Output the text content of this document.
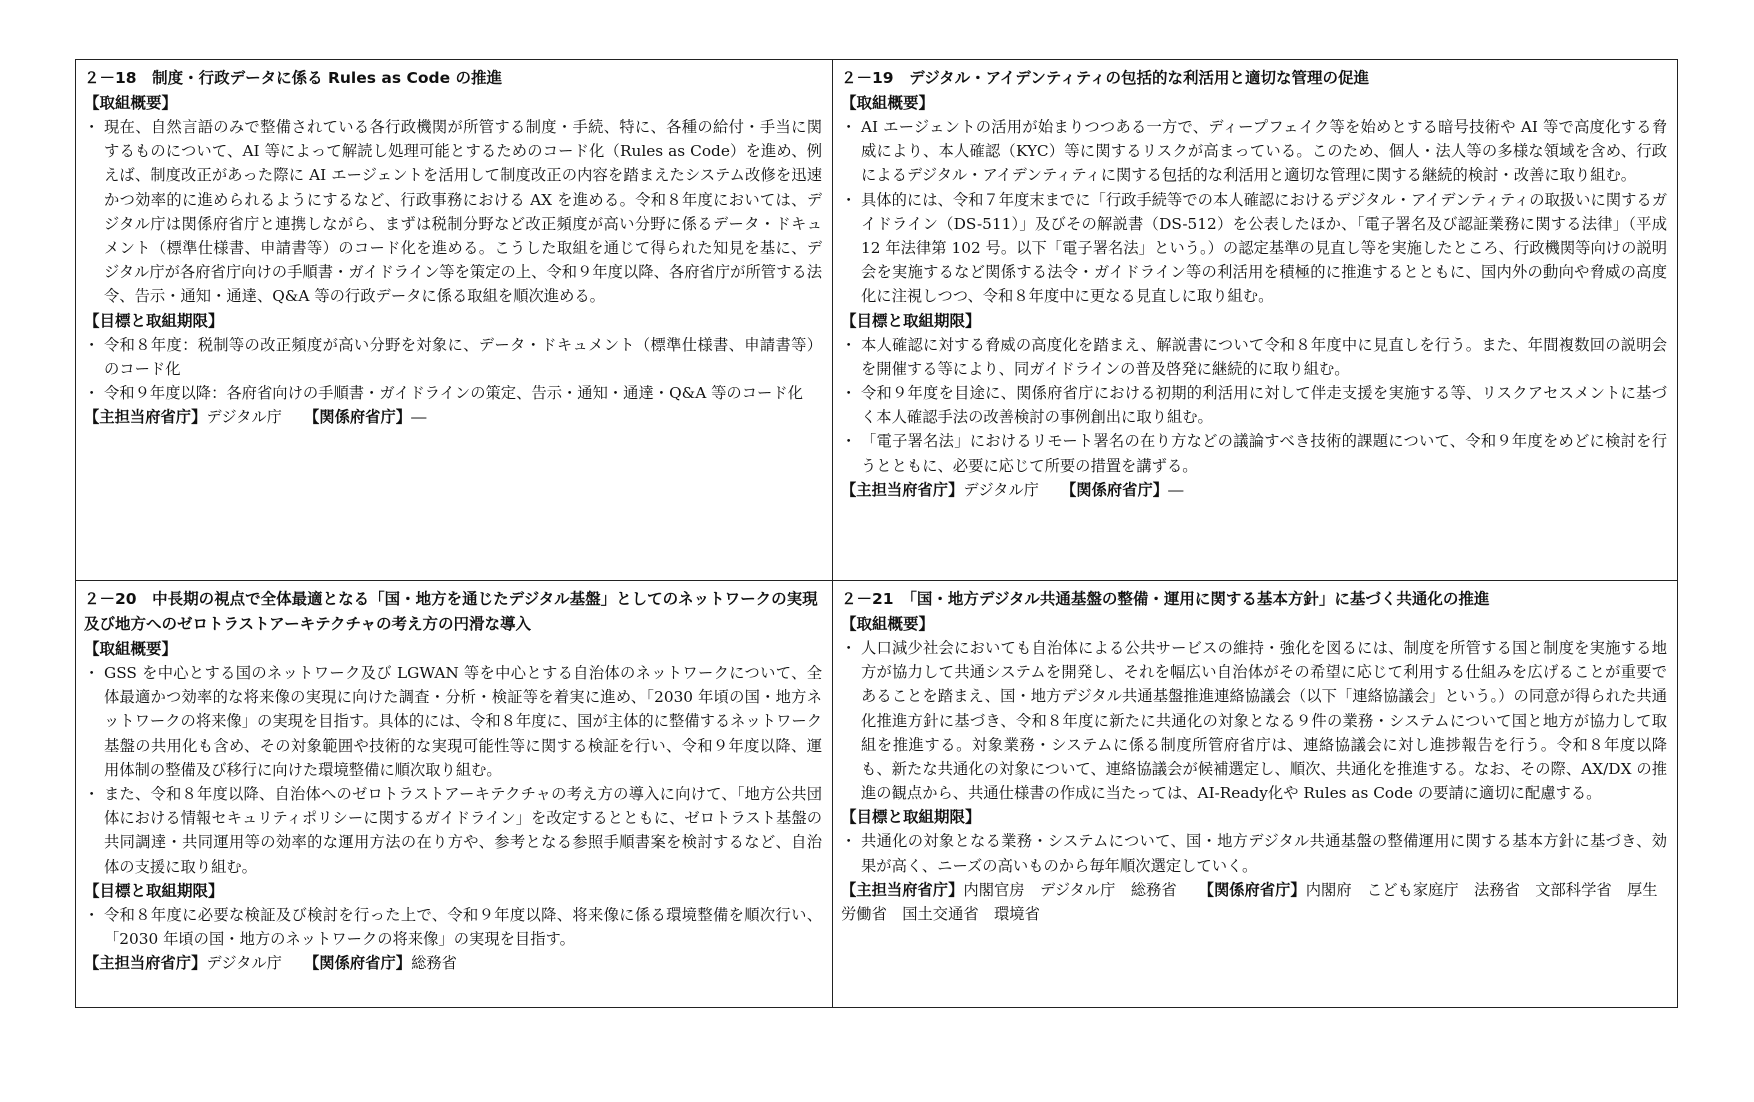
２－18　制度・行政データに係る Rules as Code の推進
【取組概要】
・ 現在、自然言語のみで整備されている各行政機関が所管する制度・手続、特に、各種の給付・手当に関するものについて、AI 等によって解読し処理可能とするためのコード化（Rules as Code）を進め、例えば、制度改正があった際に AI エージェントを活用して制度改正の内容を踏まえたシステム改修を迅速かつ効率的に進められるようにするなど、行政事務における AX を進める。令和８年度においては、デジタル庁は関係府省庁と連携しながら、まずは税制分野など改正頻度が高い分野に係るデータ・ドキュメント（標準仕様書、申請書等）のコード化を進める。こうした取組を通じて得られた知見を基に、デジタル庁が各府省庁向けの手順書・ガイドライン等を策定の上、令和９年度以降、各府省庁が所管する法令、告示・通知・通達、Q&A 等の行政データに係る取組を順次進める。
【目標と取組期限】
・ 令和８年度：税制等の改正頻度が高い分野を対象に、データ・ドキュメント（標準仕様書、申請書等）のコード化
・ 令和９年度以降：各府省向けの手順書・ガイドラインの策定、告示・通知・通達・Q&A 等のコード化
【主担当府省庁】デジタル庁 【関係府省庁】―
２－19　デジタル・アイデンティティの包括的な利活用と適切な管理の促進
【取組概要】
・ AI エージェントの活用が始まりつつある一方で、ディープフェイク等を始めとする暗号技術や AI 等で高度化する脅威により、本人確認（KYC）等に関するリスクが高まっている。このため、個人・法人等の多様な領域を含め、行政によるデジタル・アイデンティティに関する包括的な利活用と適切な管理に関する継続的検討・改善に取り組む。
・ 具体的には、令和７年度末までに「行政手続等での本人確認におけるデジタル・アイデンティティの取扱いに関するガイドライン（DS-511）」及びその解説書（DS-512）を公表したほか、「電子署名及び認証業務に関する法律」（平成 12 年法律第 102 号。以下「電子署名法」という。）の認定基準の見直し等を実施したところ、行政機関等向けの説明会を実施するなど関係する法令・ガイドライン等の利活用を積極的に推進するとともに、国内外の動向や脅威の高度化に注視しつつ、令和８年度中に更なる見直しに取り組む。
【目標と取組期限】
・ 本人確認に対する脅威の高度化を踏まえ、解説書について令和８年度中に見直しを行う。また、年間複数回の説明会を開催する等により、同ガイドラインの普及啓発に継続的に取り組む。
・ 令和９年度を目途に、関係府省庁における初期的利活用に対して伴走支援を実施する等、リスクアセスメントに基づく本人確認手法の改善検討の事例創出に取り組む。
・ 「電子署名法」におけるリモート署名の在り方などの議論すべき技術的課題について、令和９年度をめどに検討を行うとともに、必要に応じて所要の措置を講ずる。
【主担当府省庁】デジタル庁 【関係府省庁】―
２－20　中長期の視点で全体最適となる「国・地方を通じたデジタル基盤」としてのネットワークの実現及び地方へのゼロトラストアーキテクチャの考え方の円滑な導入
【取組概要】
・ GSS を中心とする国のネットワーク及び LGWAN 等を中心とする自治体のネットワークについて、全体最適かつ効率的な将来像の実現に向けた調査・分析・検証等を着実に進め、「2030 年頃の国・地方ネットワークの将来像」の実現を目指す。具体的には、令和８年度に、国が主体的に整備するネットワーク基盤の共用化も含め、その対象範囲や技術的な実現可能性等に関する検証を行い、令和９年度以降、運用体制の整備及び移行に向けた環境整備に順次取り組む。
・ また、令和８年度以降、自治体へのゼロトラストアーキテクチャの考え方の導入に向けて、「地方公共団体における情報セキュリティポリシーに関するガイドライン」を改定するとともに、ゼロトラスト基盤の共同調達・共同運用等の効率的な運用方法の在り方や、参考となる参照手順書案を検討するなど、自治体の支援に取り組む。
【目標と取組期限】
・ 令和８年度に必要な検証及び検討を行った上で、令和９年度以降、将来像に係る環境整備を順次行い、「2030 年頃の国・地方のネットワークの将来像」の実現を目指す。
【主担当府省庁】デジタル庁 【関係府省庁】総務省
２－21　「国・地方デジタル共通基盤の整備・運用に関する基本方針」に基づく共通化の推進
【取組概要】
・ 人口減少社会においても自治体による公共サービスの維持・強化を図るには、制度を所管する国と制度を実施する地方が協力して共通システムを開発し、それを幅広い自治体がその希望に応じて利用する仕組みを広げることが重要であることを踏まえ、国・地方デジタル共通基盤推進連絡協議会（以下「連絡協議会」という。）の同意が得られた共通化推進方針に基づき、令和８年度に新たに共通化の対象となる９件の業務・システムについて国と地方が協力して取組を推進する。対象業務・システムに係る制度所管府省庁は、連絡協議会に対し進捗報告を行う。令和８年度以降も、新たな共通化の対象について、連絡協議会が候補選定し、順次、共通化を推進する。なお、その際、AX/DX の推進の観点から、共通仕様書の作成に当たっては、AI-Ready化や Rules as Code の要請に適切に配慮する。
【目標と取組期限】
・ 共通化の対象となる業務・システムについて、国・地方デジタル共通基盤の整備運用に関する基本方針に基づき、効果が高く、ニーズの高いものから毎年順次選定していく。
【主担当府省庁】内閣官房　デジタル庁　総務省 【関係府省庁】内閣府　こども家庭庁　法務省　文部科学省　厚生労働省　国土交通省　環境省
